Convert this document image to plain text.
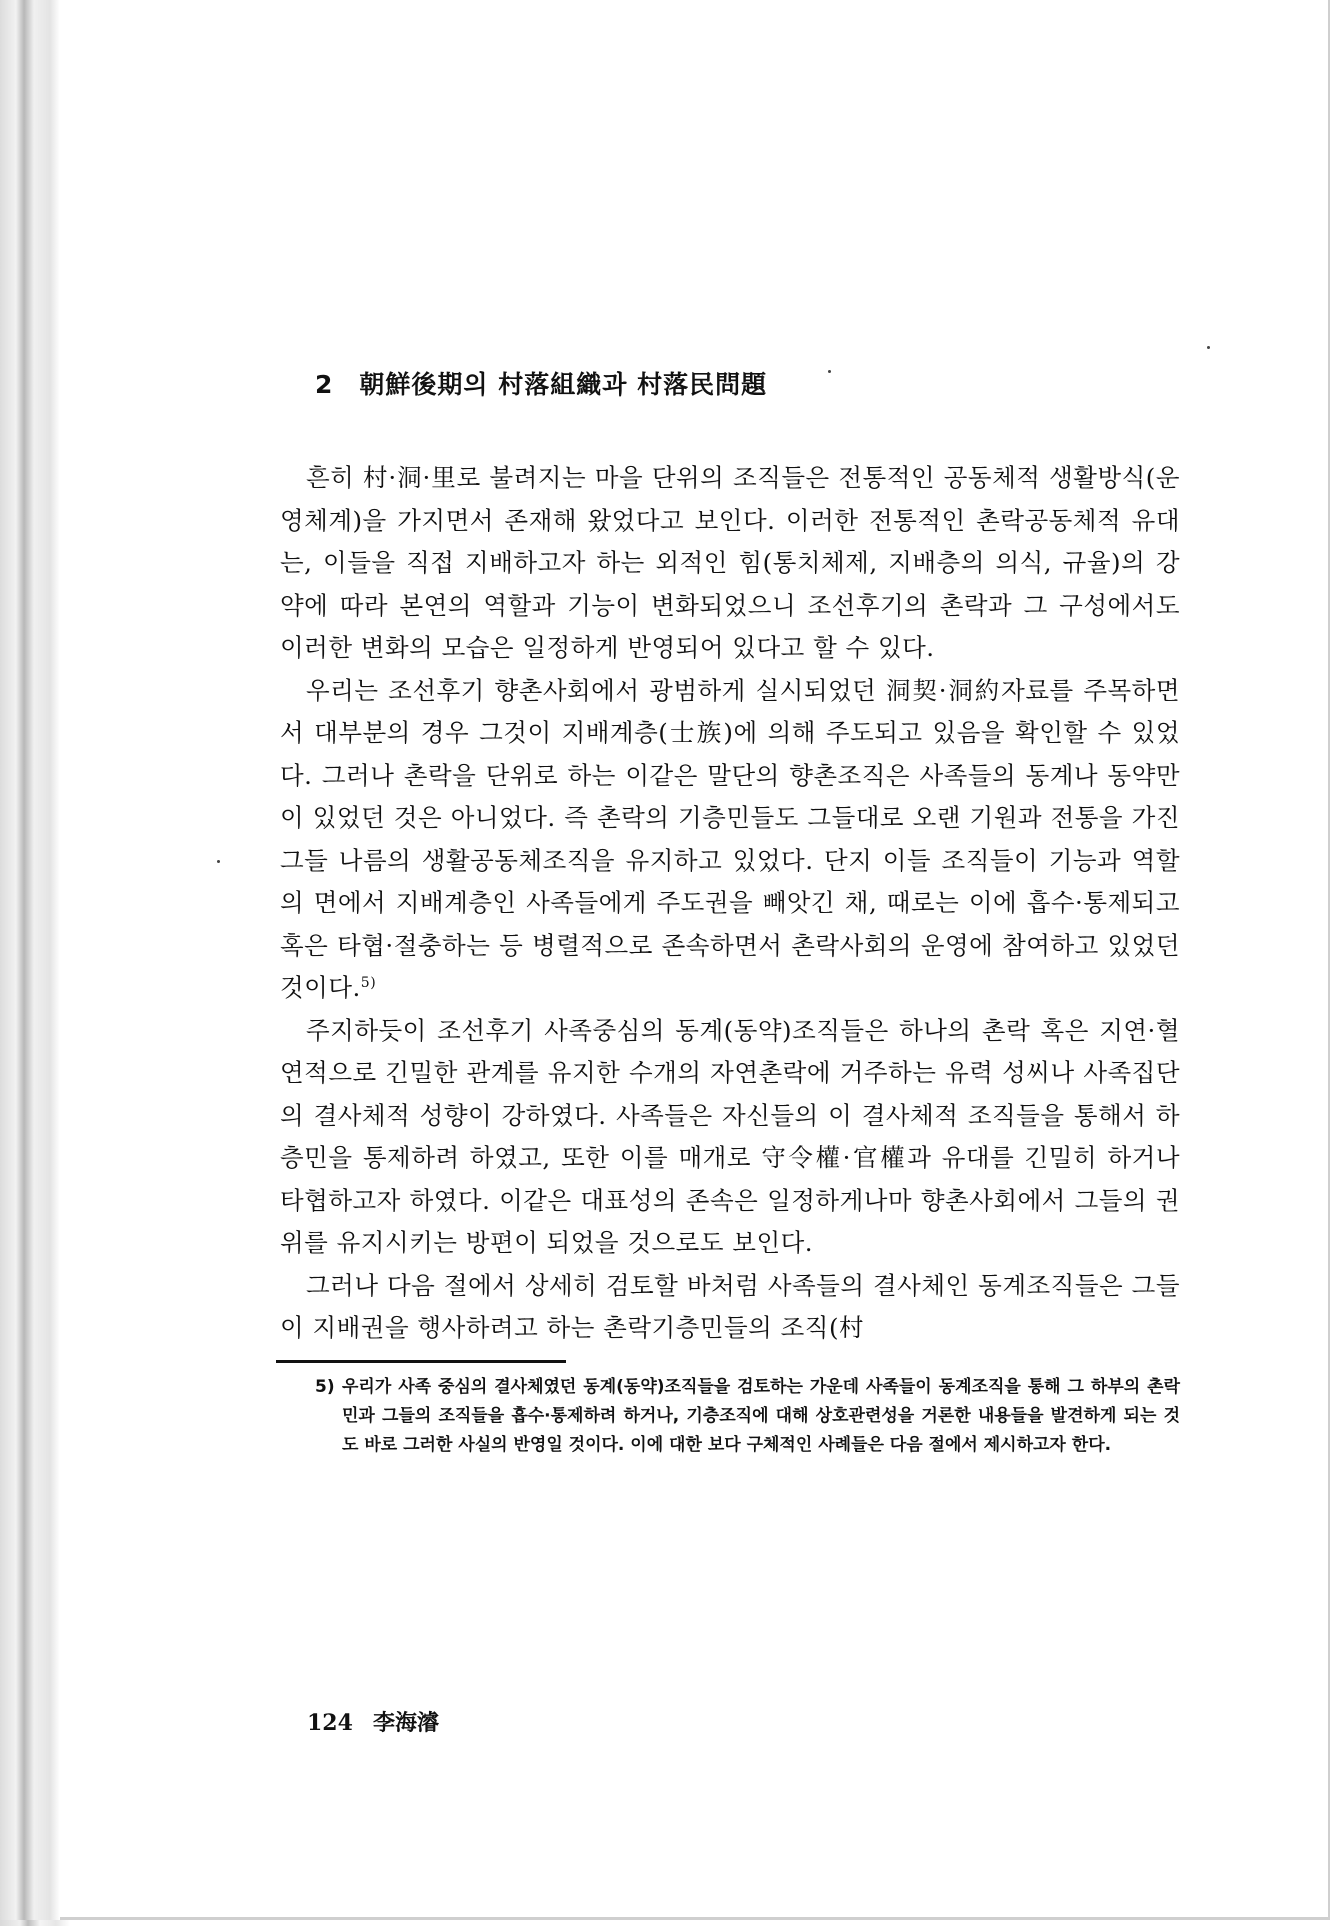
2 朝鮮後期의 村落組織과 村落民問題

흔히 村·洞·里로 불려지는 마을 단위의 조직들은 전통적인 공동체적 생활방식(운영체계)을 가지면서 존재해 왔었다고 보인다. 이러한 전통적인 촌락공동체적 유대는, 이들을 직접 지배하고자 하는 외적인 힘(통치체제, 지배층의 의식, 규율)의 강약에 따라 본연의 역할과 기능이 변화되었으니 조선후기의 촌락과 그 구성에서도 이러한 변화의 모습은 일정하게 반영되어 있다고 할 수 있다.

우리는 조선후기 향촌사회에서 광범하게 실시되었던 洞契·洞約자료를 주목하면서 대부분의 경우 그것이 지배계층(士族)에 의해 주도되고 있음을 확인할 수 있었다. 그러나 촌락을 단위로 하는 이같은 말단의 향촌조직은 사족들의 동계나 동약만이 있었던 것은 아니었다. 즉 촌락의 기층민들도 그들대로 오랜 기원과 전통을 가진 그들 나름의 생활공동체조직을 유지하고 있었다. 단지 이들 조직들이 기능과 역할의 면에서 지배계층인 사족들에게 주도권을 빼앗긴 채, 때로는 이에 흡수·통제되고 혹은 타협·절충하는 등 병렬적으로 존속하면서 촌락사회의 운영에 참여하고 있었던 것이다.$^{5)}$

주지하듯이 조선후기 사족중심의 동계(동약)조직들은 하나의 촌락 혹은 지연·혈연적으로 긴밀한 관계를 유지한 수개의 자연촌락에 거주하는 유력 성씨나 사족집단의 결사체적 성향이 강하였다. 사족들은 자신들의 이 결사체적 조직들을 통해서 하층민을 통제하려 하였고, 또한 이를 매개로 守令權·官權과 유대를 긴밀히 하거나 타협하고자 하였다. 이같은 대표성의 존속은 일정하게나마 향촌사회에서 그들의 권위를 유지시키는 방편이 되었을 것으로도 보인다.

그러나 다음 절에서 상세히 검토할 바처럼 사족들의 결사체인 동계조직들은 그들이 지배권을 행사하려고 하는 촌락기층민들의 조직(村

5) 우리가 사족 중심의 결사체였던 동계(동약)조직들을 검토하는 가운데 사족들이 동계조직을 통해 그 하부의 촌락민과 그들의 조직들을 흡수·통제하려 하거나, 기층조직에 대해 상호관련성을 거론한 내용들을 발견하게 되는 것도 바로 그러한 사실의 반영일 것이다. 이에 대한 보다 구체적인 사례들은 다음 절에서 제시하고자 한다.
124 李海濬
